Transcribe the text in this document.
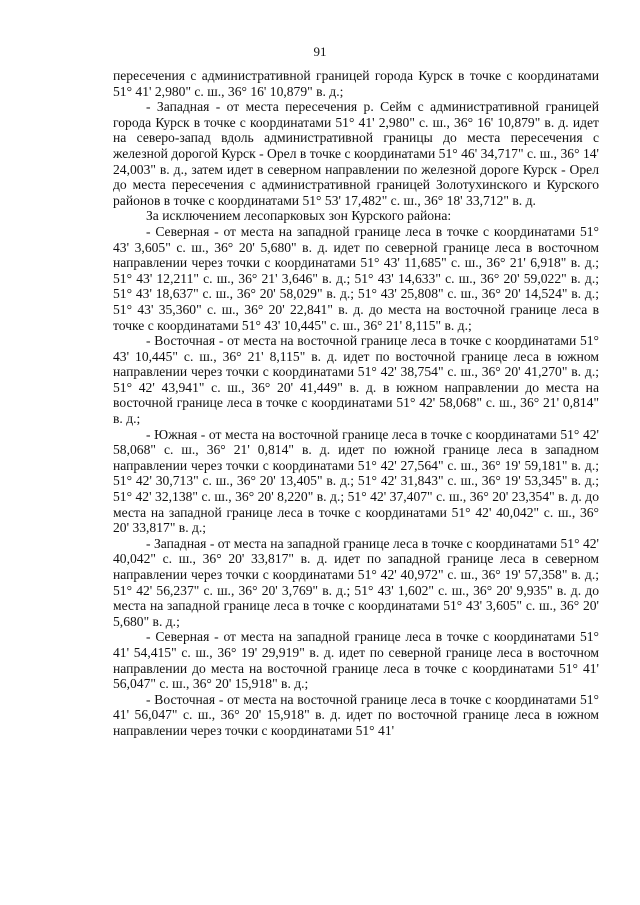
91

пересечения с административной границей города Курск в точке с координатами 51° 41' 2,980" с. ш., 36° 16' 10,879" в. д.;

- Западная - от места пересечения р. Сейм с административной границей города Курск в точке с координатами 51° 41' 2,980" с. ш., 36° 16' 10,879" в. д. идет на северо-запад вдоль административной границы до места пересечения с железной дорогой Курск - Орел в точке с координатами 51° 46' 34,717" с. ш., 36° 14' 24,003" в. д., затем идет в северном направлении по железной дороге Курск - Орел до места пересечения с административной границей Золотухинского и Курского районов в точке с координатами 51° 53' 17,482" с. ш., 36° 18' 33,712" в. д.

За исключением лесопарковых зон Курского района:

- Северная - от места на западной границе леса в точке с координатами 51° 43' 3,605" с. ш., 36° 20' 5,680" в. д. идет по северной границе леса в восточном направлении через точки с координатами 51° 43' 11,685" с. ш., 36° 21' 6,918" в. д.; 51° 43' 12,211" с. ш., 36° 21' 3,646" в. д.; 51° 43' 14,633" с. ш., 36° 20' 59,022" в. д.; 51° 43' 18,637" с. ш., 36° 20' 58,029" в. д.; 51° 43' 25,808" с. ш., 36° 20' 14,524" в. д.; 51° 43' 35,360" с. ш., 36° 20' 22,841" в. д. до места на восточной границе леса в точке с координатами 51° 43' 10,445" с. ш., 36° 21' 8,115" в. д.;

- Восточная - от места на восточной границе леса в точке с координатами 51° 43' 10,445" с. ш., 36° 21' 8,115" в. д. идет по восточной границе леса в южном направлении через точки с координатами 51° 42' 38,754" с. ш., 36° 20' 41,270" в. д.; 51° 42' 43,941" с. ш., 36° 20' 41,449" в. д. в южном направлении до места на восточной границе леса в точке с координатами 51° 42' 58,068" с. ш., 36° 21' 0,814" в. д.;

- Южная - от места на восточной границе леса в точке с координатами 51° 42' 58,068" с. ш., 36° 21' 0,814" в. д. идет по южной границе леса в западном направлении через точки с координатами 51° 42' 27,564" с. ш., 36° 19' 59,181" в. д.; 51° 42' 30,713" с. ш., 36° 20' 13,405" в. д.; 51° 42' 31,843" с. ш., 36° 19' 53,345" в. д.; 51° 42' 32,138" с. ш., 36° 20' 8,220" в. д.; 51° 42' 37,407" с. ш., 36° 20' 23,354" в. д. до места на западной границе леса в точке с координатами 51° 42' 40,042" с. ш., 36° 20' 33,817" в. д.;

- Западная - от места на западной границе леса в точке с координатами 51° 42' 40,042" с. ш., 36° 20' 33,817" в. д. идет по западной границе леса в северном направлении через точки с координатами 51° 42' 40,972" с. ш., 36° 19' 57,358" в. д.; 51° 42' 56,237" с. ш., 36° 20' 3,769" в. д.; 51° 43' 1,602" с. ш., 36° 20' 9,935" в. д. до места на западной границе леса в точке с координатами 51° 43' 3,605" с. ш., 36° 20' 5,680" в. д.;

- Северная - от места на западной границе леса в точке с координатами 51° 41' 54,415" с. ш., 36° 19' 29,919" в. д. идет по северной границе леса в восточном направлении до места на восточной границе леса в точке с координатами 51° 41' 56,047" с. ш., 36° 20' 15,918" в. д.;

- Восточная - от места на восточной границе леса в точке с координатами 51° 41' 56,047" с. ш., 36° 20' 15,918" в. д. идет по восточной границе леса в южном направлении через точки с координатами 51° 41'
